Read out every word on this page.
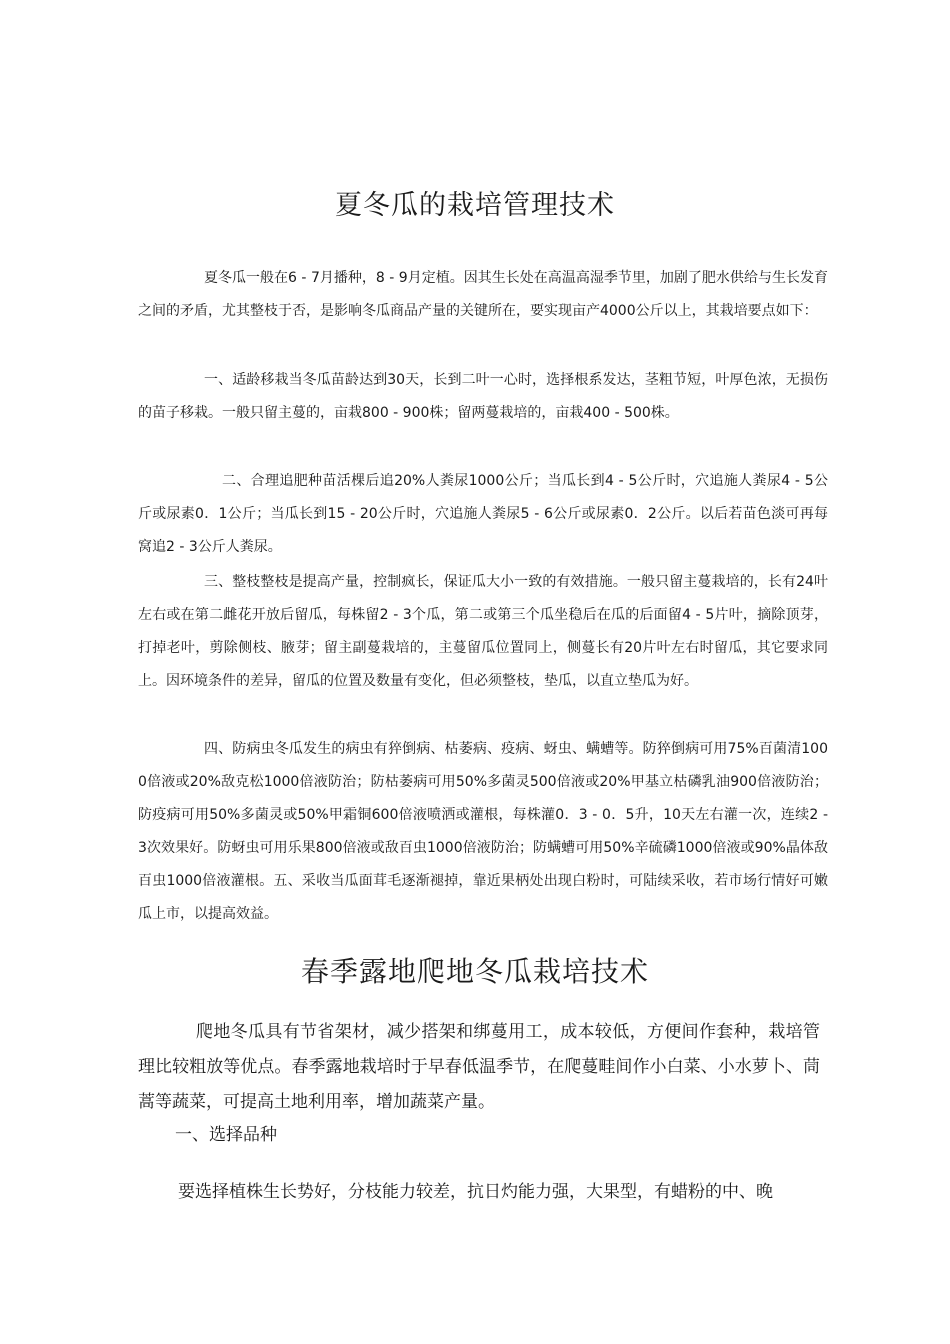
夏冬瓜的栽培管理技术

夏冬瓜一般在6 - 7月播种，8 - 9月定植。因其生长处在高温高湿季节里，加剧了肥水供给与生长发育之间的矛盾，尤其整枝于否，是影响冬瓜商品产量的关键所在，要实现亩产4000公斤以上，其栽培要点如下：

一、适龄移栽当冬瓜苗龄达到30天，长到二叶一心时，选择根系发达，茎粗节短，叶厚色浓，无损伤的苗子移栽。一般只留主蔓的，亩栽800 - 900株；留两蔓栽培的，亩栽400 - 500株。

二、合理追肥种苗活棵后追20%人粪尿1000公斤；当瓜长到4 - 5公斤时，穴追施人粪尿4 - 5公斤或尿素0．1公斤；当瓜长到15 - 20公斤时，穴追施人粪尿5 - 6公斤或尿素0．2公斤。以后若苗色淡可再每窝追2 - 3公斤人粪尿。

三、整枝整枝是提高产量，控制疯长，保证瓜大小一致的有效措施。一般只留主蔓栽培的，长有24叶左右或在第二雌花开放后留瓜，每株留2 - 3个瓜，第二或第三个瓜坐稳后在瓜的后面留4 - 5片叶，摘除顶芽，打掉老叶，剪除侧枝、腋芽；留主副蔓栽培的，主蔓留瓜位置同上，侧蔓长有20片叶左右时留瓜，其它要求同上。因环境条件的差异，留瓜的位置及数量有变化，但必须整枝，垫瓜，以直立垫瓜为好。

四、防病虫冬瓜发生的病虫有猝倒病、枯萎病、疫病、蚜虫、螨螬等。防猝倒病可用75%百菌清1000倍液或20%敌克松1000倍液防治；防枯萎病可用50%多菌灵500倍液或20%甲基立枯磷乳油900倍液防治；防疫病可用50%多菌灵或50%甲霜铜600倍液喷洒或灌根，每株灌0．3 - 0．5升，10天左右灌一次，连续2 - 3次效果好。防蚜虫可用乐果800倍液或敌百虫1000倍液防治；防螨螬可用50%辛硫磷1000倍液或90%晶体敌百虫1000倍液灌根。五、采收当瓜面茸毛逐渐褪掉，靠近果柄处出现白粉时，可陆续采收，若市场行情好可嫩瓜上市，以提高效益。

春季露地爬地冬瓜栽培技术

爬地冬瓜具有节省架材，减少搭架和绑蔓用工，成本较低，方便间作套种，栽培管理比较粗放等优点。春季露地栽培时于早春低温季节，在爬蔓畦间作小白菜、小水萝卜、茼蒿等蔬菜，可提高土地利用率，增加蔬菜产量。

一、选择品种

要选择植株生长势好，分枝能力较差，抗日灼能力强，大果型，有蜡粉的中、晚
